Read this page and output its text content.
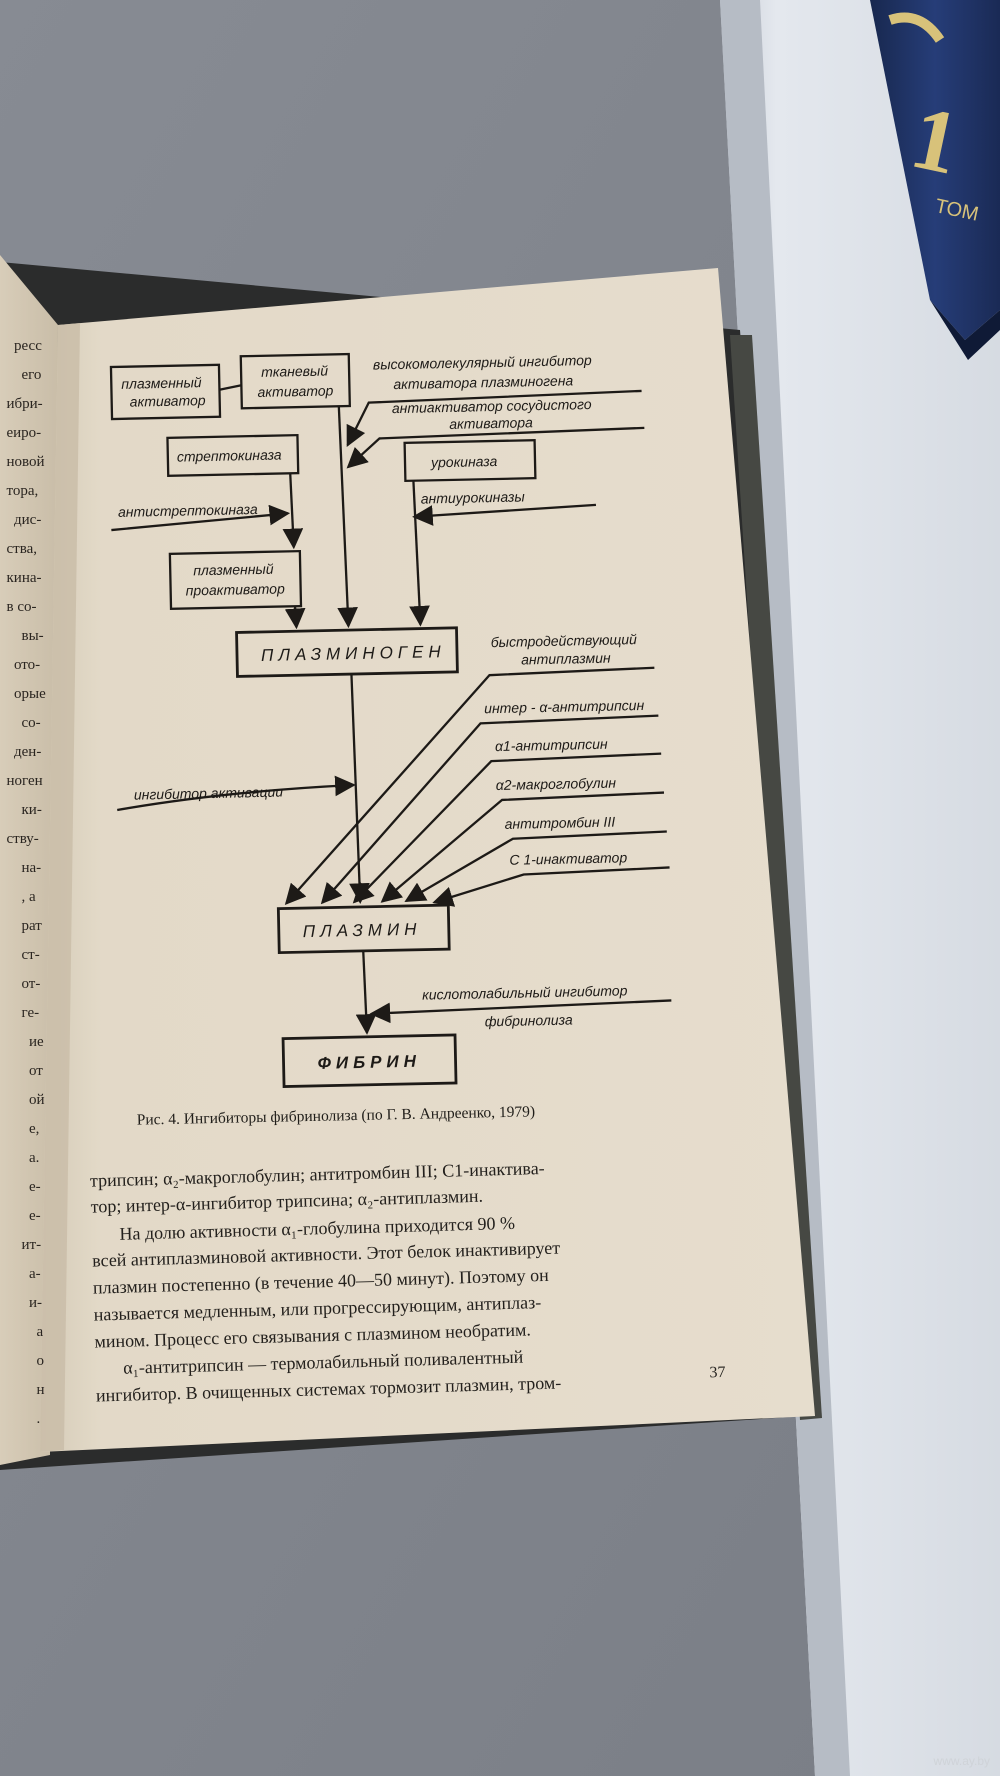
1
ТОМ
плазменный
активатор
тканевый
активатор
стрептокиназа	урокиназа
плазменный
проактиватор
ПЛАЗМИНОГЕН
ПЛАЗМИН
ФИБРИН
высокомолекулярный ингибитор
активатора плазминогена
антиактиватор сосудистого
активатора
антистрептокиназа
антиурокиназы
быстродействующий
антиплазмин
интер - α-антитрипсин
α1-антитрипсин
α2-макроглобулин
антитромбин III
С 1-инактиватор
ингибитор активации
кислотолабильный ингибитор
фибринолиза
Рис. 4. Ингибиторы фибринолиза (по Г. В. Андреенко, 1979)
трипсин; α₂-макроглобулин; антитромбин III; С1-инактива-
тор; интер-α-ингибитор трипсина; α₂-антиплазмин.
На долю активности α₁-глобулина приходится 90 %
всей антиплазминовой активности. Этот белок инактивирует
плазмин постепенно (в течение 40—50 минут). Поэтому он
называется медленным, или прогрессирующим, антиплаз-
мином. Процесс его связывания с плазмином необратим.
α₁-антитрипсин — термолабильный поливалентный
ингибитор. В очищенных системах тормозит плазмин, тром-	37
ресс
его
ибри-
еиро-
новой
тора,
дис-
ства,
кина-
в со-
вы-
ото-
орые
со-
ден-
ноген
ки-
ству-
на-
, а
рат
ст-
от-
ге-
ие
от
ой
е,
а.
е-
е-
ит-
а-
и-
а
о
н
.
www.ay.by
